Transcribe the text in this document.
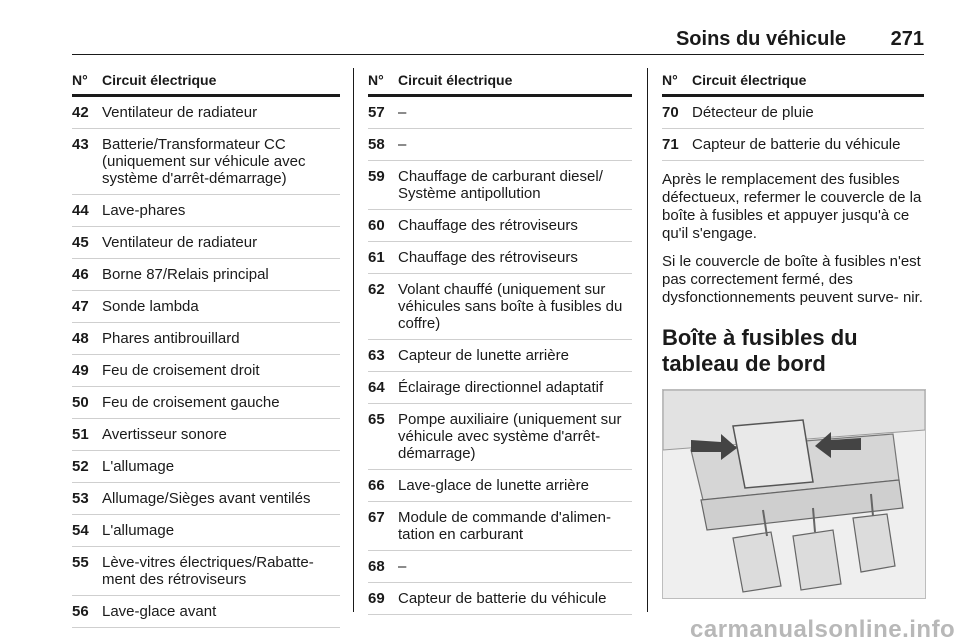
Soins du véhicule 271
N° Circuit électrique
42 Ventilateur de radiateur
43 Batterie/Transformateur CC (uniquement sur véhicule avec système d'arrêt-démarrage)
44 Lave-phares
45 Ventilateur de radiateur
46 Borne 87/Relais principal
47 Sonde lambda
48 Phares antibrouillard
49 Feu de croisement droit
50 Feu de croisement gauche
51 Avertisseur sonore
52 L'allumage
53 Allumage/Sièges avant ventilés
54 L'allumage
55 Lève-vitres électriques/Rabatte- ment des rétroviseurs
56 Lave-glace avant
N° Circuit électrique
57 –
58 –
59 Chauffage de carburant diesel/ Système antipollution
60 Chauffage des rétroviseurs
61 Chauffage des rétroviseurs
62 Volant chauffé (uniquement sur véhicules sans boîte à fusibles du coffre)
63 Capteur de lunette arrière
64 Éclairage directionnel adaptatif
65 Pompe auxiliaire (uniquement sur véhicule avec système d'arrêt-démarrage)
66 Lave-glace de lunette arrière
67 Module de commande d'alimen- tation en carburant
68 –
69 Capteur de batterie du véhicule
N° Circuit électrique
70 Détecteur de pluie
71 Capteur de batterie du véhicule

Après le remplacement des fusibles défectueux, refermer le couvercle de la boîte à fusibles et appuyer jusqu'à ce qu'il s'engage.

Si le couvercle de boîte à fusibles n'est pas correctement fermé, des dysfonctionnements peuvent surve- nir.

Boîte à fusibles du tableau de bord
carmanualsonline.info
